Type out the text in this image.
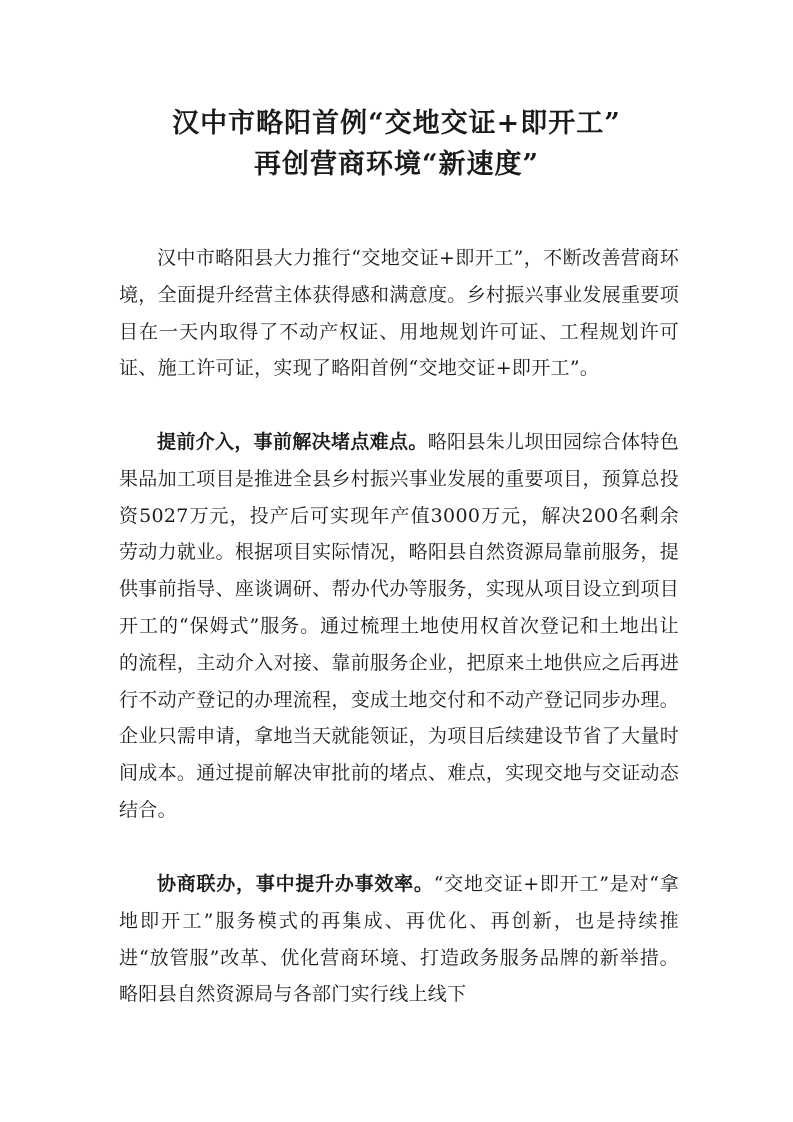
汉中市略阳首例“交地交证+即开工”
再创营商环境“新速度”

汉中市略阳县大力推行“交地交证+即开工”，不断改善营商环境，全面提升经营主体获得感和满意度。乡村振兴事业发展重要项目在一天内取得了不动产权证、用地规划许可证、工程规划许可证、施工许可证，实现了略阳首例“交地交证+即开工”。

提前介入，事前解决堵点难点。略阳县朱儿坝田园综合体特色果品加工项目是推进全县乡村振兴事业发展的重要项目，预算总投资5027万元，投产后可实现年产值3000万元，解决200名剩余劳动力就业。根据项目实际情况，略阳县自然资源局靠前服务，提供事前指导、座谈调研、帮办代办等服务，实现从项目设立到项目开工的“保姆式”服务。通过梳理土地使用权首次登记和土地出让的流程，主动介入对接、靠前服务企业，把原来土地供应之后再进行不动产登记的办理流程，变成土地交付和不动产登记同步办理。企业只需申请，拿地当天就能领证，为项目后续建设节省了大量时间成本。通过提前解决审批前的堵点、难点，实现交地与交证动态结合。

协商联办，事中提升办事效率。“交地交证+即开工”是对“拿地即开工”服务模式的再集成、再优化、再创新，也是持续推进“放管服”改革、优化营商环境、打造政务服务品牌的新举措。略阳县自然资源局与各部门实行线上线下
